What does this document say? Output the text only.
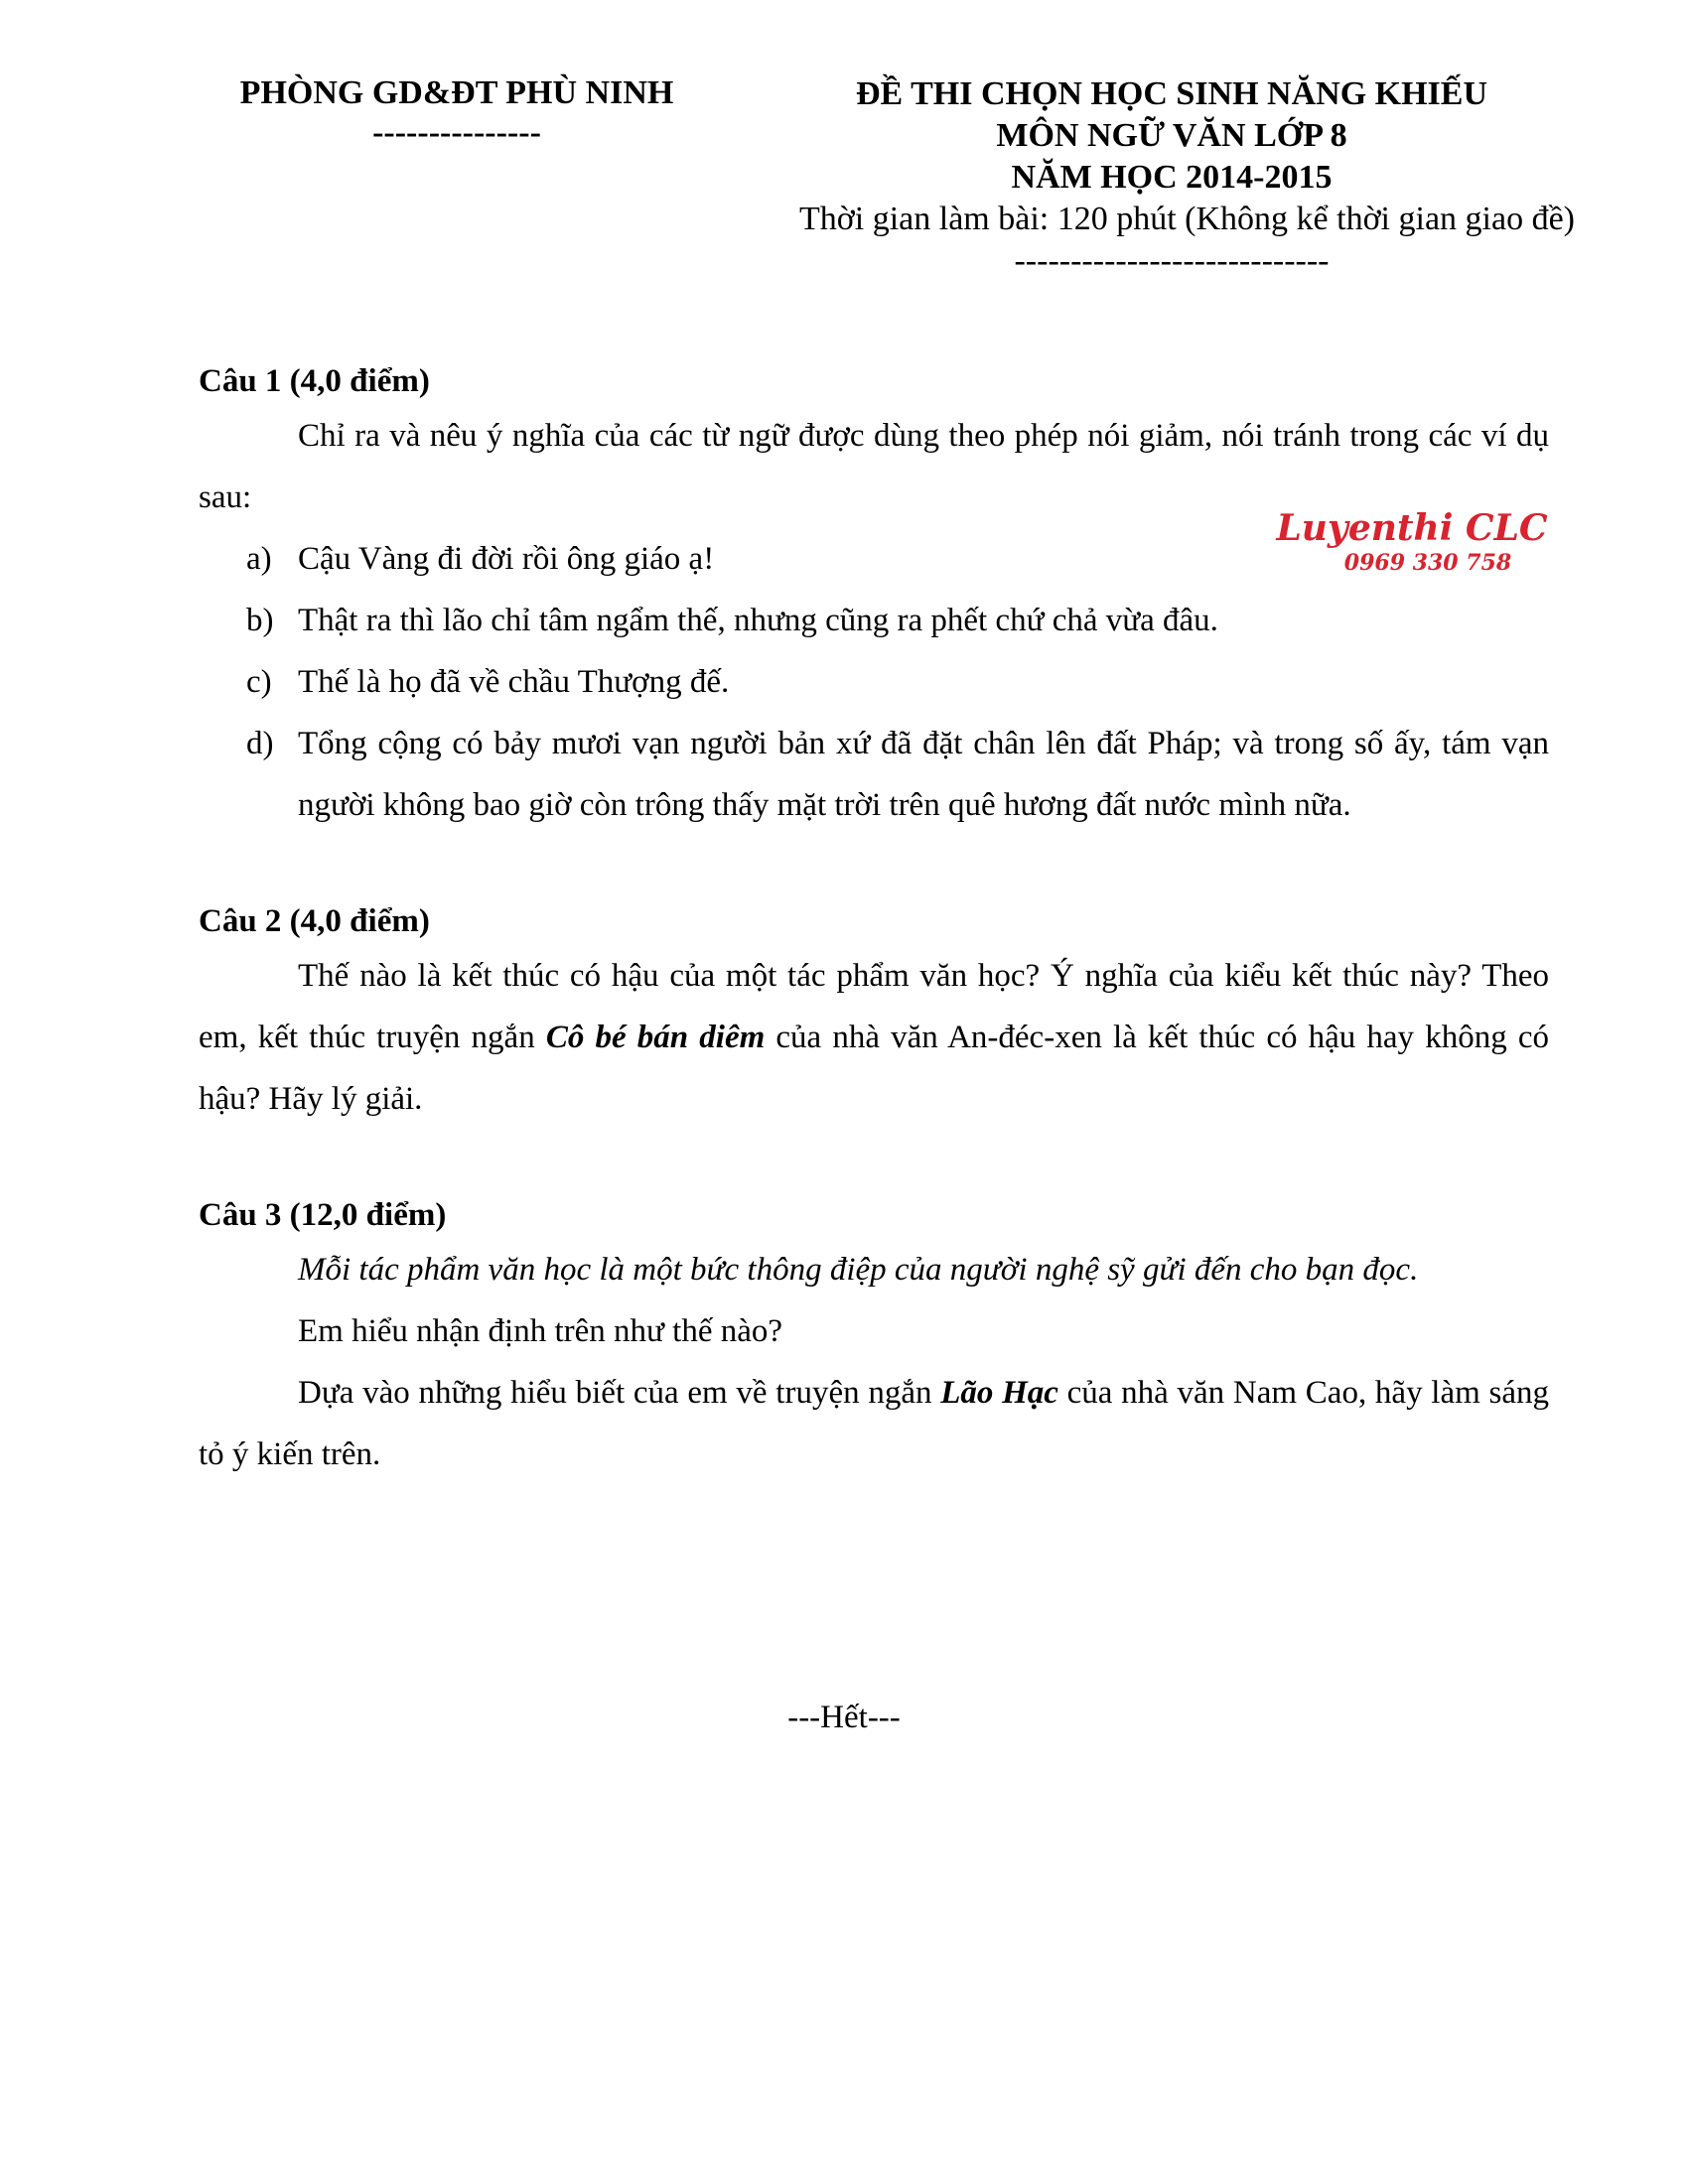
PHÒNG GD&ĐT PHÙ NINH
---------------
ĐỀ THI CHỌN HỌC SINH NĂNG KHIẾU
MÔN NGỮ VĂN LỚP 8
NĂM HỌC 2014-2015
Thời gian làm bài: 120 phút (Không kể thời gian giao đề)
----------------------------
Luyenthi CLC
0969 330 758

Câu 1 (4,0 điểm)

Chỉ ra và nêu ý nghĩa của các từ ngữ được dùng theo phép nói giảm, nói tránh trong các ví dụ sau:

a) Cậu Vàng đi đời rồi ông giáo ạ!
b) Thật ra thì lão chỉ tâm ngẩm thế, nhưng cũng ra phết chứ chả vừa đâu.
c) Thế là họ đã về chầu Thượng đế.
d) Tổng cộng có bảy mươi vạn người bản xứ đã đặt chân lên đất Pháp; và trong số ấy, tám vạn người không bao giờ còn trông thấy mặt trời trên quê hương đất nước mình nữa.

Câu 2 (4,0 điểm)

Thế nào là kết thúc có hậu của một tác phẩm văn học? Ý nghĩa của kiểu kết thúc này? Theo em, kết thúc truyện ngắn Cô bé bán diêm của nhà văn An-đéc-xen là kết thúc có hậu hay không có hậu? Hãy lý giải.

Câu 3 (12,0 điểm)

Mỗi tác phẩm văn học là một bức thông điệp của người nghệ sỹ gửi đến cho bạn đọc.

Em hiểu nhận định trên như thế nào?

Dựa vào những hiểu biết của em về truyện ngắn Lão Hạc của nhà văn Nam Cao, hãy làm sáng tỏ ý kiến trên.

---Hết---
